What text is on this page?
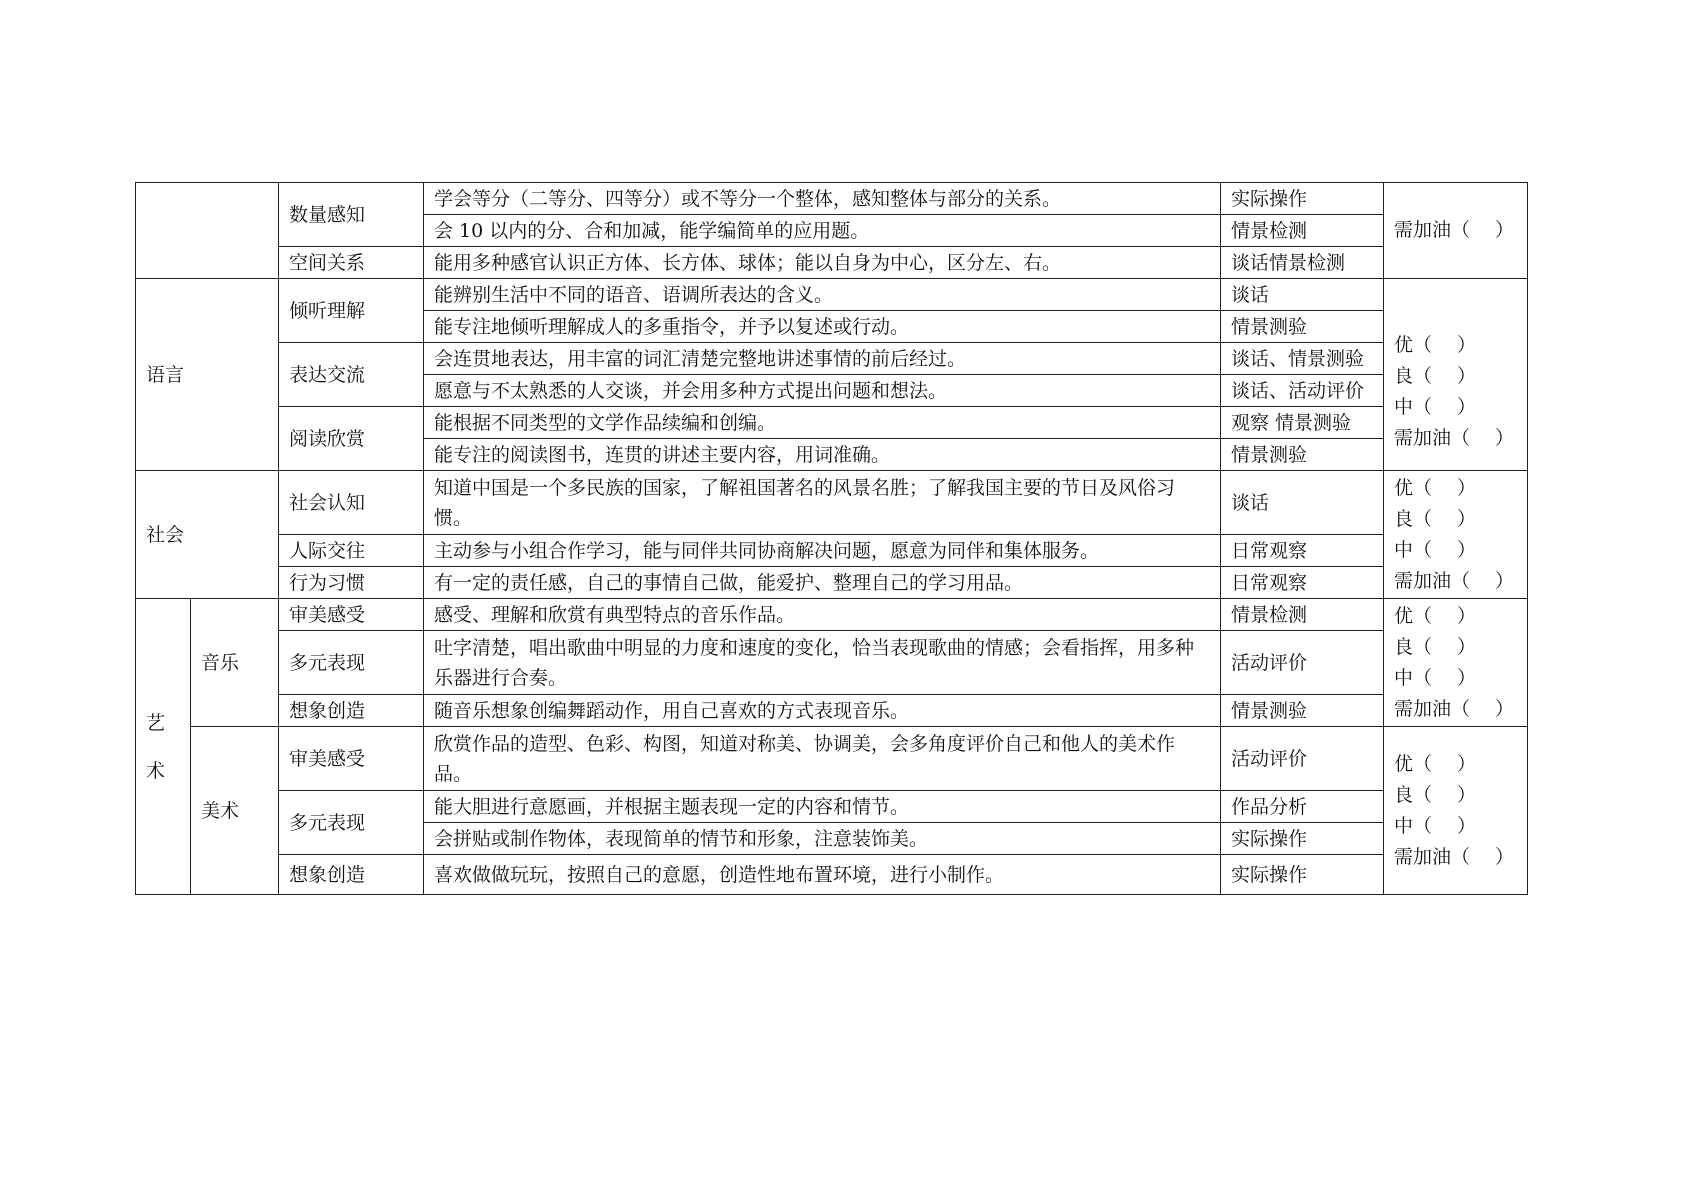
		数量感知	学会等分（二等分、四等分）或不等分一个整体，感知整体与部分的关系。	实际操作	需加油（　 ）

			会 10 以内的分、合和加减，能学编简单的应用题。	情景检测	
		空间关系	能用多种感官认识正方体、长方体、球体；能以自身为中心，区分左、右。	谈话情景检测	
语言		倾听理解	能辨别生活中不同的语音、语调所表达的含义。	谈话	优（　 ）
良（　 ）
中（　 ）
需加油（　 ）

			能专注地倾听理解成人的多重指令，并予以复述或行动。	情景测验	
		表达交流	会连贯地表达，用丰富的词汇清楚完整地讲述事情的前后经过。	谈话、情景测验	
			愿意与不太熟悉的人交谈，并会用多种方式提出问题和想法。	谈话、活动评价	
		阅读欣赏	能根据不同类型的文学作品续编和创编。	观察 情景测验	
			能专注的阅读图书，连贯的讲述主要内容，用词准确。	情景测验	
社会		社会认知	知道中国是一个多民族的国家，了解祖国著名的风景名胜；了解我国主要的节日及风俗习惯。	谈话	优（　 ）
良（　 ）
中（　 ）
需加油（　 ）

		人际交往	主动参与小组合作学习，能与同伴共同协商解决问题，愿意为同伴和集体服务。	日常观察	
		行为习惯	有一定的责任感，自己的事情自己做，能爱护、整理自己的学习用品。	日常观察	

艺
术	音乐	审美感受	感受、理解和欣赏有典型特点的音乐作品。	情景检测	优（　 ）
良（　 ）
中（　 ）
需加油（　 ）

		多元表现	吐字清楚，唱出歌曲中明显的力度和速度的变化，恰当表现歌曲的情感；会看指挥，用多种乐器进行合奏。	活动评价	
		想象创造	随音乐想象创编舞蹈动作，用自己喜欢的方式表现音乐。	情景测验	
	美术	审美感受	欣赏作品的造型、色彩、构图，知道对称美、协调美，会多角度评价自己和他人的美术作品。	活动评价	优（　 ）
良（　 ）
中（　 ）
需加油（　 ）

		多元表现	能大胆进行意愿画，并根据主题表现一定的内容和情节。	作品分析	
			会拼贴或制作物体，表现简单的情节和形象，注意装饰美。	实际操作	
		想象创造	喜欢做做玩玩，按照自己的意愿，创造性地布置环境，进行小制作。	实际操作	
